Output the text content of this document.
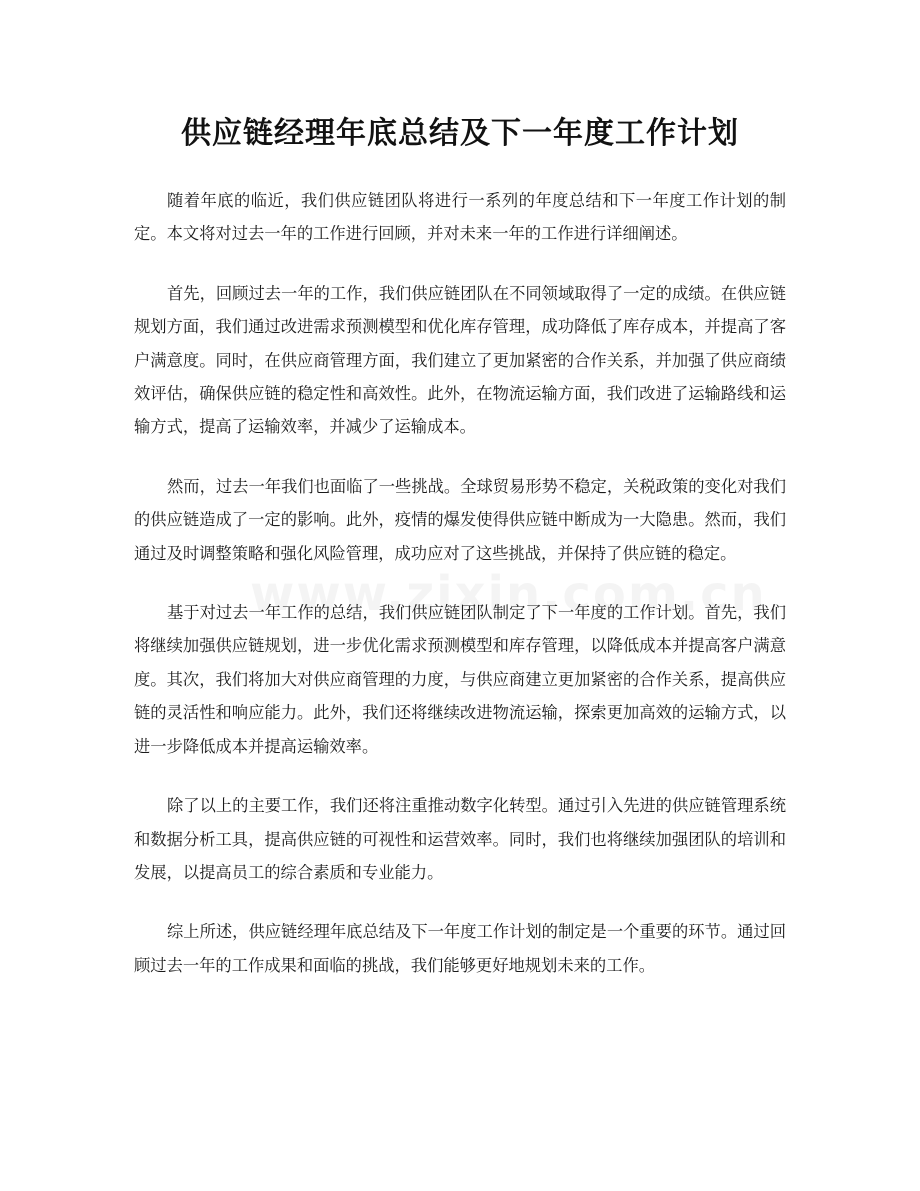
供应链经理年底总结及下一年度工作计划

随着年底的临近，我们供应链团队将进行一系列的年度总结和下一年度工作计划的制定。本文将对过去一年的工作进行回顾，并对未来一年的工作进行详细阐述。

首先，回顾过去一年的工作，我们供应链团队在不同领域取得了一定的成绩。在供应链规划方面，我们通过改进需求预测模型和优化库存管理，成功降低了库存成本，并提高了客户满意度。同时，在供应商管理方面，我们建立了更加紧密的合作关系，并加强了供应商绩效评估，确保供应链的稳定性和高效性。此外，在物流运输方面，我们改进了运输路线和运输方式，提高了运输效率，并减少了运输成本。

然而，过去一年我们也面临了一些挑战。全球贸易形势不稳定，关税政策的变化对我们的供应链造成了一定的影响。此外，疫情的爆发使得供应链中断成为一大隐患。然而，我们通过及时调整策略和强化风险管理，成功应对了这些挑战，并保持了供应链的稳定。

基于对过去一年工作的总结，我们供应链团队制定了下一年度的工作计划。首先，我们将继续加强供应链规划，进一步优化需求预测模型和库存管理，以降低成本并提高客户满意度。其次，我们将加大对供应商管理的力度，与供应商建立更加紧密的合作关系，提高供应链的灵活性和响应能力。此外，我们还将继续改进物流运输，探索更加高效的运输方式，以进一步降低成本并提高运输效率。

除了以上的主要工作，我们还将注重推动数字化转型。通过引入先进的供应链管理系统和数据分析工具，提高供应链的可视性和运营效率。同时，我们也将继续加强团队的培训和发展，以提高员工的综合素质和专业能力。

综上所述，供应链经理年底总结及下一年度工作计划的制定是一个重要的环节。通过回顾过去一年的工作成果和面临的挑战，我们能够更好地规划未来的工作。
